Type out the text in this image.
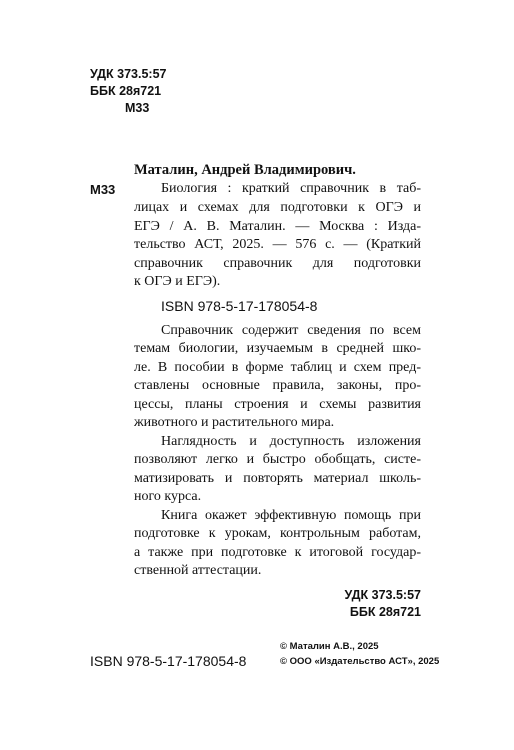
УДК 373.5:57
ББК 28я721
М33
Маталин, Андрей Владимирович.
М33	Биология : краткий справочник в таб-
лицах и схемах для подготовки к ОГЭ и
ЕГЭ / А. В. Маталин. — Москва : Изда-
тельство АСТ, 2025. — 576 с. — (Краткий
справочник справочник для подготовки
к ОГЭ и ЕГЭ).
ISBN 978-5-17-178054-8
Справочник содержит сведения по всем
темам биологии, изучаемым в средней шко-
ле. В пособии в форме таблиц и схем пред-
ставлены основные правила, законы, про-
цессы, планы строения и схемы развития
животного и растительного мира.
Наглядность и доступность изложения
позволяют легко и быстро обобщать, систе-
матизировать и повторять материал школь-
ного курса.
Книга окажет эффективную помощь при
подготовке к урокам, контрольным работам,
а также при подготовке к итоговой государ-
ственной аттестации.
УДК 373.5:57
ББК 28я721
ISBN 978-5-17-178054-8
© Маталин А.В., 2025
© ООО «Издательство АСТ», 2025
